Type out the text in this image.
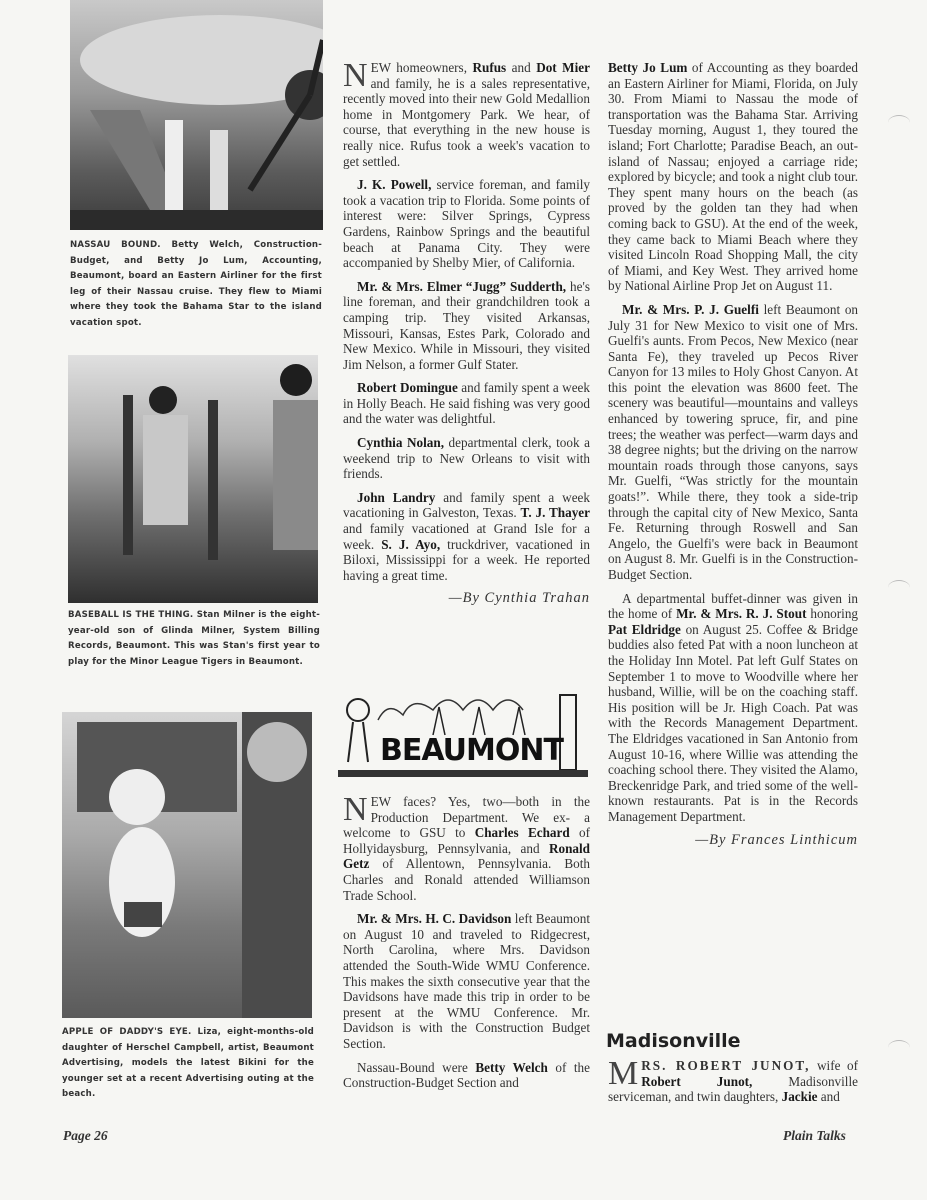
NASSAU BOUND. Betty Welch, Construction-Budget, and Betty Jo Lum, Accounting, Beaumont, board an Eastern Airliner for the first leg of their Nassau cruise. They flew to Miami where they took the Bahama Star to the island vacation spot.
BASEBALL IS THE THING. Stan Milner is the eight-year-old son of Glinda Milner, System Billing Records, Beaumont. This was Stan's first year to play for the Minor League Tigers in Beaumont.
APPLE OF DADDY'S EYE. Liza, eight-months-old daughter of Herschel Campbell, artist, Beaumont Advertising, models the latest Bikini for the younger set at a recent Advertising outing at the beach.

NEW homeowners, Rufus and Dot Mier and family, he is a sales representative, recently moved into their new Gold Medallion home in Montgomery Park. We hear, of course, that everything in the new house is really nice. Rufus took a week's vacation to get settled.

J. K. Powell, service foreman, and family took a vacation trip to Florida. Some points of interest were: Silver Springs, Cypress Gardens, Rainbow Springs and the beautiful beach at Panama City. They were accompanied by Shelby Mier, of California.

Mr. & Mrs. Elmer “Jugg” Sudderth, he's line foreman, and their grandchildren took a camping trip. They visited Arkansas, Missouri, Kansas, Estes Park, Colorado and New Mexico. While in Missouri, they visited Jim Nelson, a former Gulf Stater.

Robert Domingue and family spent a week in Holly Beach. He said fishing was very good and the water was delightful.

Cynthia Nolan, departmental clerk, took a weekend trip to New Orleans to visit with friends.

John Landry and family spent a week vacationing in Galveston, Texas. T. J. Thayer and family vacationed at Grand Isle for a week. S. J. Ayo, truckdriver, vacationed in Biloxi, Mississippi for a week. He reported having a great time.

—By Cynthia Trahan

BEAUMONT

NEW faces? Yes, two—both in the Production Department. We ex- a welcome to GSU to Charles Echard of Hollyidaysburg, Pennsylvania, and Ronald Getz of Allentown, Pennsylvania. Both Charles and Ronald attended Williamson Trade School.

Mr. & Mrs. H. C. Davidson left Beaumont on August 10 and traveled to Ridgecrest, North Carolina, where Mrs. Davidson attended the South-Wide WMU Conference. This makes the sixth consecutive year that the Davidsons have made this trip in order to be present at the WMU Conference. Mr. Davidson is with the Construction Budget Section.

Nassau-Bound were Betty Welch of the Construction-Budget Section and

Betty Jo Lum of Accounting as they boarded an Eastern Airliner for Miami, Florida, on July 30. From Miami to Nassau the mode of transportation was the Bahama Star. Arriving Tuesday morning, August 1, they toured the island; Fort Charlotte; Paradise Beach, an out-island of Nassau; enjoyed a carriage ride; explored by bicycle; and took a night club tour. They spent many hours on the beach (as proved by the golden tan they had when coming back to GSU). At the end of the week, they came back to Miami Beach where they visited Lincoln Road Shopping Mall, the city of Miami, and Key West. They arrived home by National Airline Prop Jet on August 11.

Mr. & Mrs. P. J. Guelfi left Beaumont on July 31 for New Mexico to visit one of Mrs. Guelfi's aunts. From Pecos, New Mexico (near Santa Fe), they traveled up Pecos River Canyon for 13 miles to Holy Ghost Canyon. At this point the elevation was 8600 feet. The scenery was beautiful—mountains and valleys enhanced by towering spruce, fir, and pine trees; the weather was perfect—warm days and 38 degree nights; but the driving on the narrow mountain roads through those canyons, says Mr. Guelfi, “Was strictly for the mountain goats!”. While there, they took a side-trip through the capital city of New Mexico, Santa Fe. Returning through Roswell and San Angelo, the Guelfi's were back in Beaumont on August 8. Mr. Guelfi is in the Construction-Budget Section.

A departmental buffet-dinner was given in the home of Mr. & Mrs. R. J. Stout honoring Pat Eldridge on August 25. Coffee & Bridge buddies also feted Pat with a noon luncheon at the Holiday Inn Motel. Pat left Gulf States on September 1 to move to Woodville where her husband, Willie, will be on the coaching staff. His position will be Jr. High Coach. Pat was with the Records Management Department. The Eldridges vacationed in San Antonio from August 10-16, where Willie was attending the coaching school there. They visited the Alamo, Breckenridge Park, and tried some of the well-known restaurants. Pat is in the Records Management Department.

—By Frances Linthicum

Madisonville

MRS. ROBERT JUNOT, wife of Robert Junot, Madisonville serviceman, and twin daughters, Jackie and

Page 26	Plain Talks
